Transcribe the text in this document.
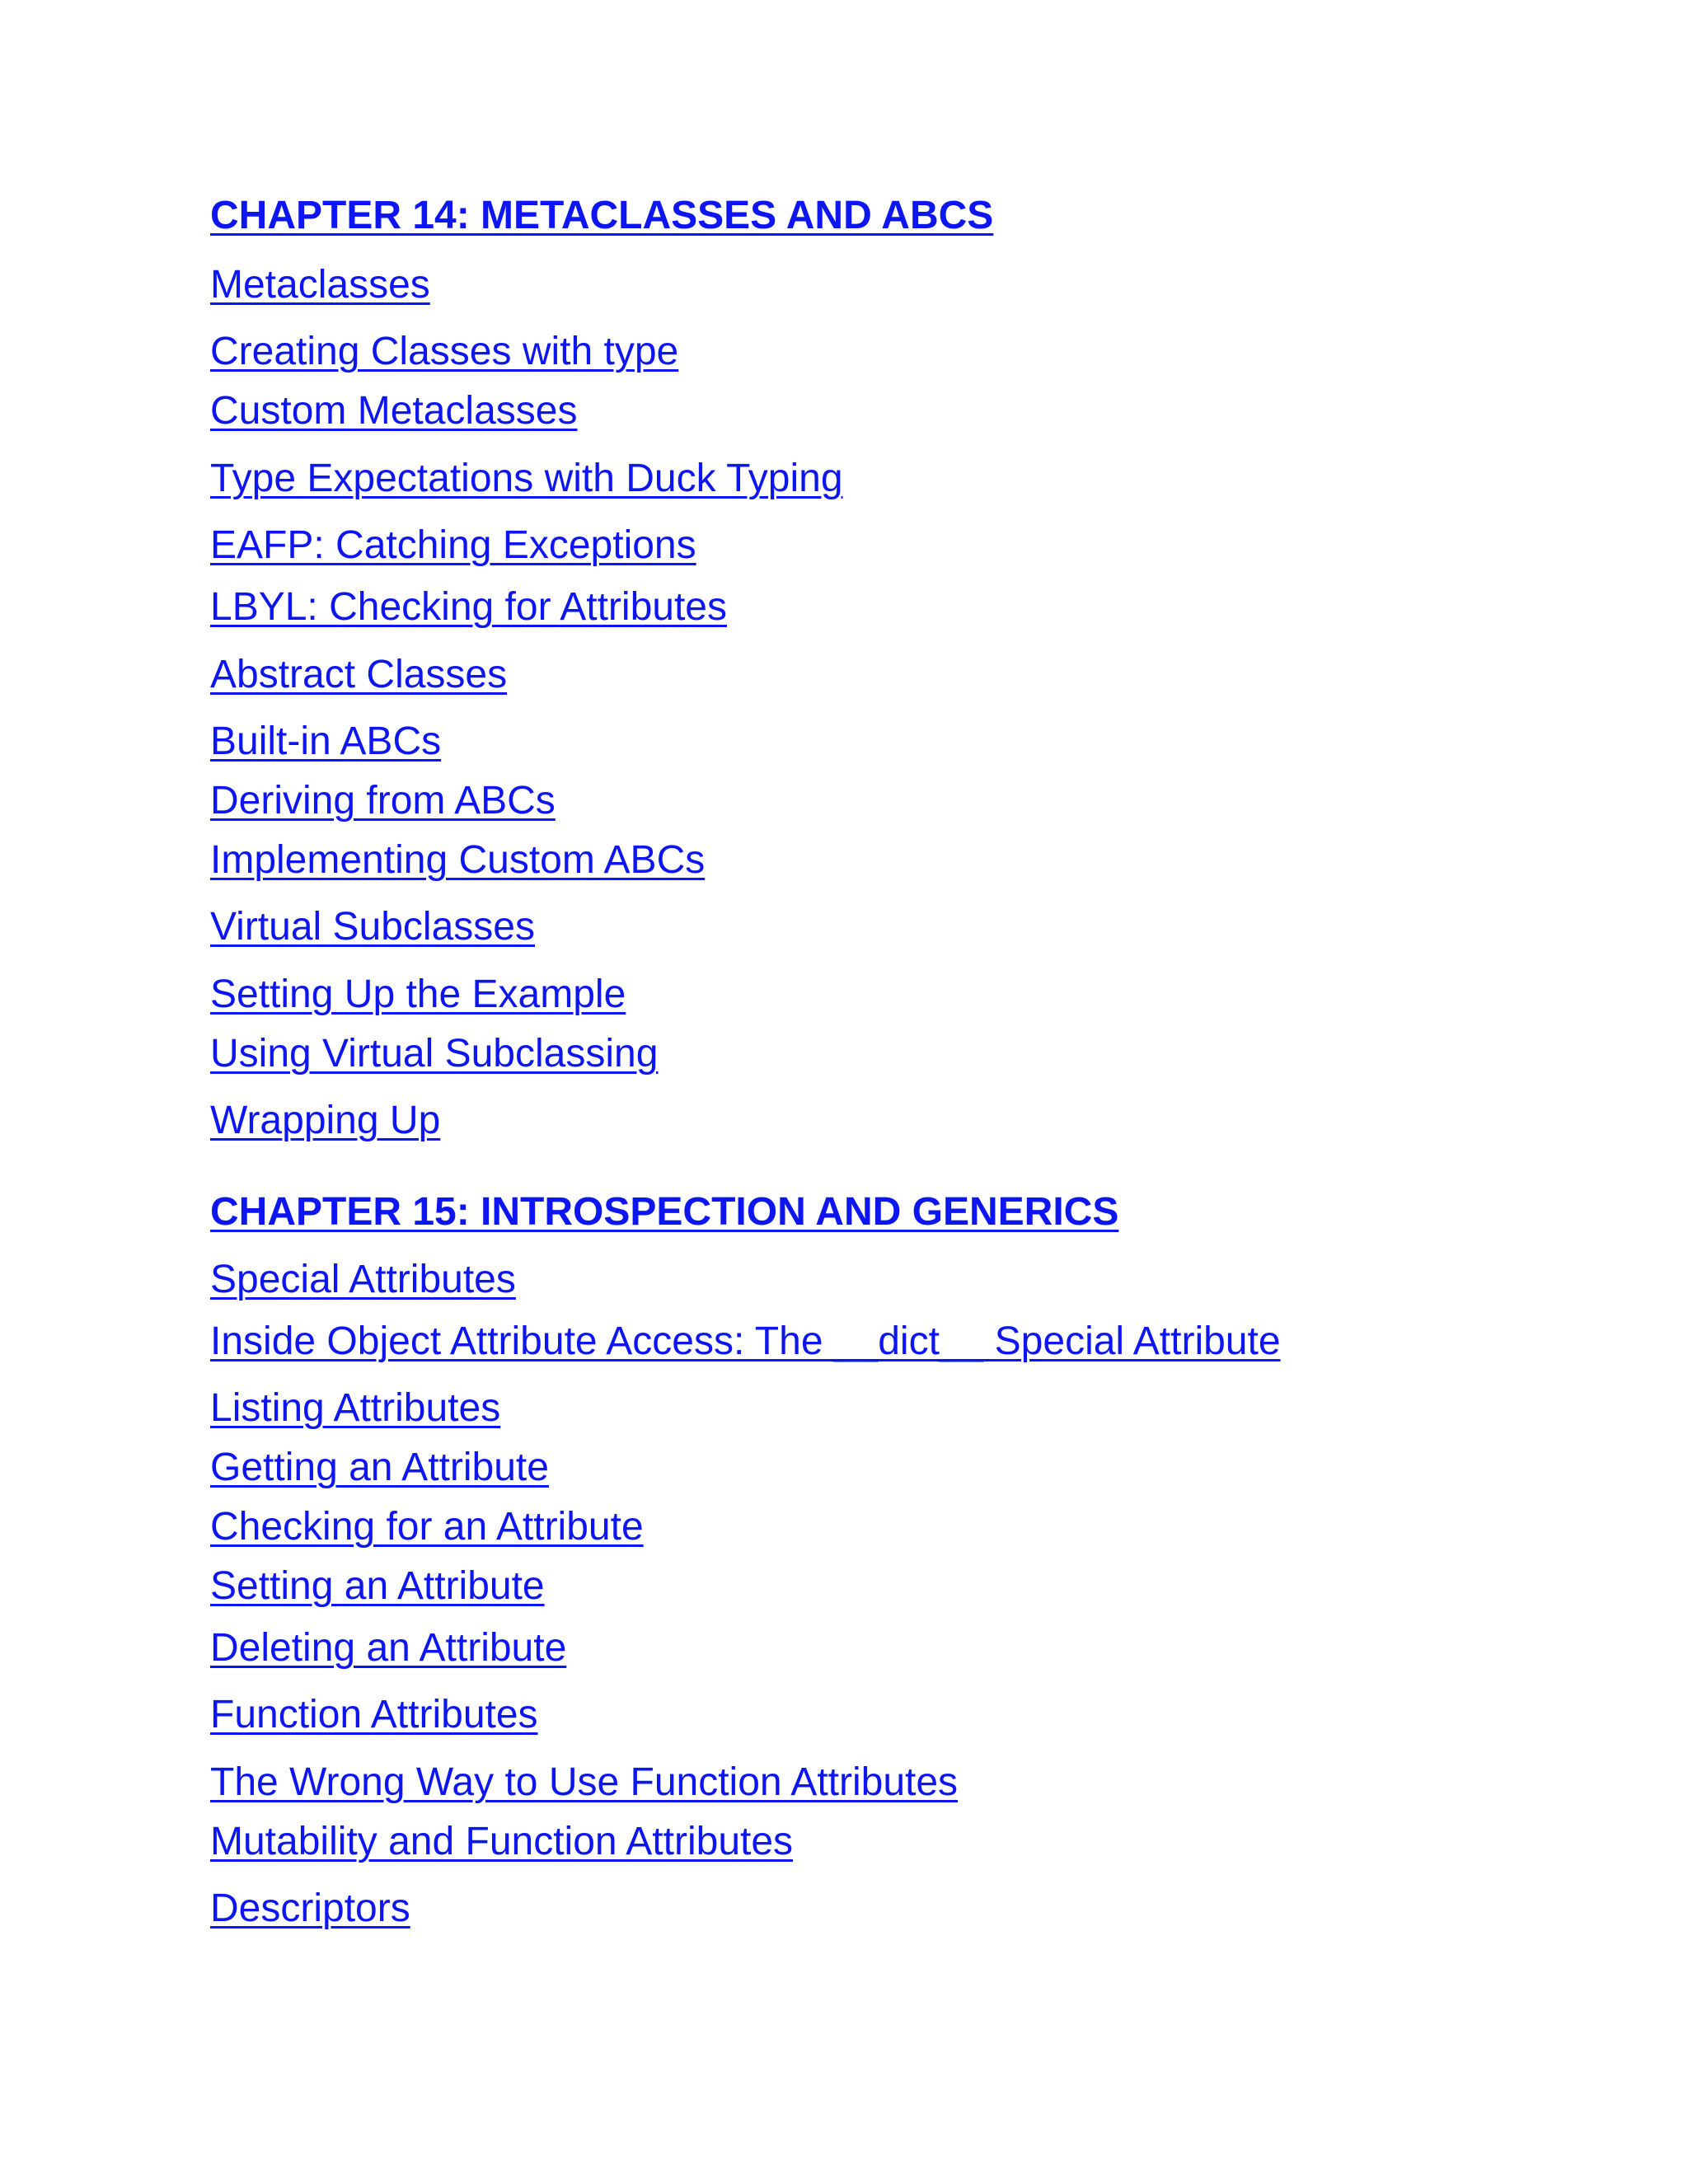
CHAPTER 14: METACLASSES AND ABCS
Metaclasses
Creating Classes with type
Custom Metaclasses
Type Expectations with Duck Typing
EAFP: Catching Exceptions
LBYL: Checking for Attributes
Abstract Classes
Built-in ABCs
Deriving from ABCs
Implementing Custom ABCs
Virtual Subclasses
Setting Up the Example
Using Virtual Subclassing
Wrapping Up
CHAPTER 15: INTROSPECTION AND GENERICS
Special Attributes
Inside Object Attribute Access: The __dict__ Special Attribute
Listing Attributes
Getting an Attribute
Checking for an Attribute
Setting an Attribute
Deleting an Attribute
Function Attributes
The Wrong Way to Use Function Attributes
Mutability and Function Attributes
Descriptors
